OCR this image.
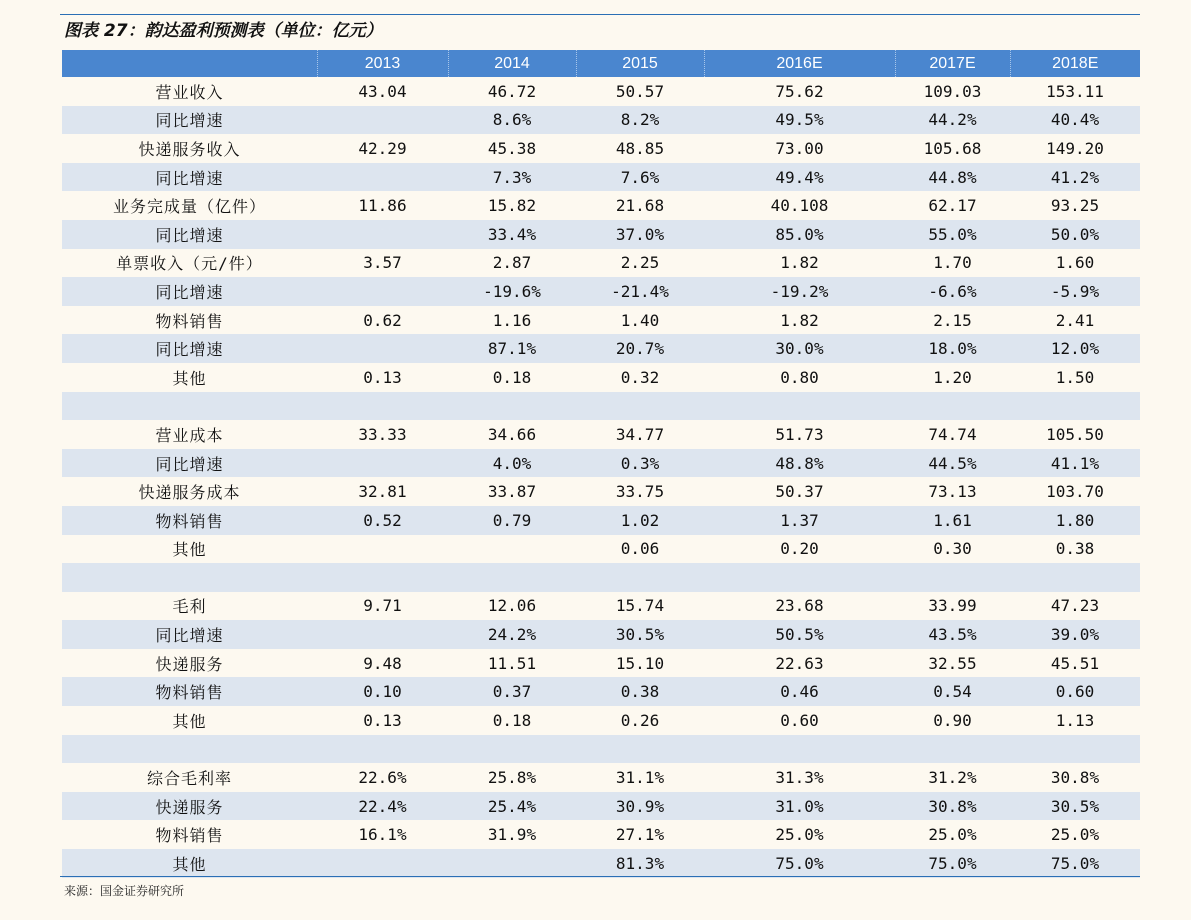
图表 27：韵达盈利预测表（单位：亿元）
	2013	2014	2015	2016E	2017E	2018E
营业收入	43.04	46.72	50.57	75.62	109.03	153.11
同比增速		8.6%	8.2%	49.5%	44.2%	40.4%
快递服务收入	42.29	45.38	48.85	73.00	105.68	149.20
同比增速		7.3%	7.6%	49.4%	44.8%	41.2%
业务完成量（亿件）	11.86	15.82	21.68	40.108	62.17	93.25
同比增速		33.4%	37.0%	85.0%	55.0%	50.0%
单票收入（元/件）	3.57	2.87	2.25	1.82	1.70	1.60
同比增速		-19.6%	-21.4%	-19.2%	-6.6%	-5.9%
物料销售	0.62	1.16	1.40	1.82	2.15	2.41
同比增速		87.1%	20.7%	30.0%	18.0%	12.0%
其他	0.13	0.18	0.32	0.80	1.20	1.50

营业成本	33.33	34.66	34.77	51.73	74.74	105.50
同比增速		4.0%	0.3%	48.8%	44.5%	41.1%
快递服务成本	32.81	33.87	33.75	50.37	73.13	103.70
物料销售	0.52	0.79	1.02	1.37	1.61	1.80
其他			0.06	0.20	0.30	0.38

毛利	9.71	12.06	15.74	23.68	33.99	47.23
同比增速		24.2%	30.5%	50.5%	43.5%	39.0%
快递服务	9.48	11.51	15.10	22.63	32.55	45.51
物料销售	0.10	0.37	0.38	0.46	0.54	0.60
其他	0.13	0.18	0.26	0.60	0.90	1.13

综合毛利率	22.6%	25.8%	31.1%	31.3%	31.2%	30.8%
快递服务	22.4%	25.4%	30.9%	31.0%	30.8%	30.5%
物料销售	16.1%	31.9%	27.1%	25.0%	25.0%	25.0%
其他			81.3%	75.0%	75.0%	75.0%
来源：国金证券研究所
